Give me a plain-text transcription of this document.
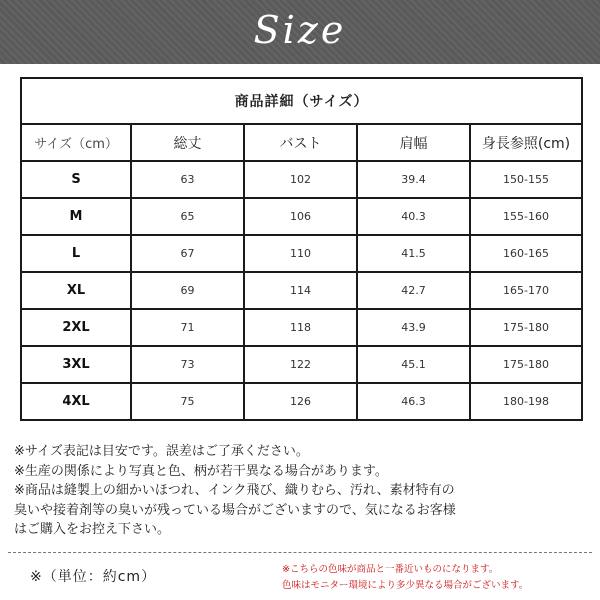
Size
商品詳細（サイズ）				
サイズ（cm）	総丈	バスト	肩幅	身長参照(cm)
S	63	102	39.4	150-155
M	65	106	40.3	155-160
L	67	110	41.5	160-165
XL	69	114	42.7	165-170
2XL	71	118	43.9	175-180
3XL	73	122	45.1	175-180
4XL	75	126	46.3	180-198
※サイズ表記は目安です。誤差はご了承ください。
※生産の関係により写真と色、柄が若干異なる場合があります。
※商品は縫製上の細かいほつれ、インク飛び、織りむら、汚れ、素材特有の
臭いや接着剤等の臭いが残っている場合がございますので、気になるお客様
はご購入をお控え下さい。
※（単位：約cm）	※こちらの色味が商品と一番近いものになります。
色味はモニター環境により多少異なる場合がございます。
